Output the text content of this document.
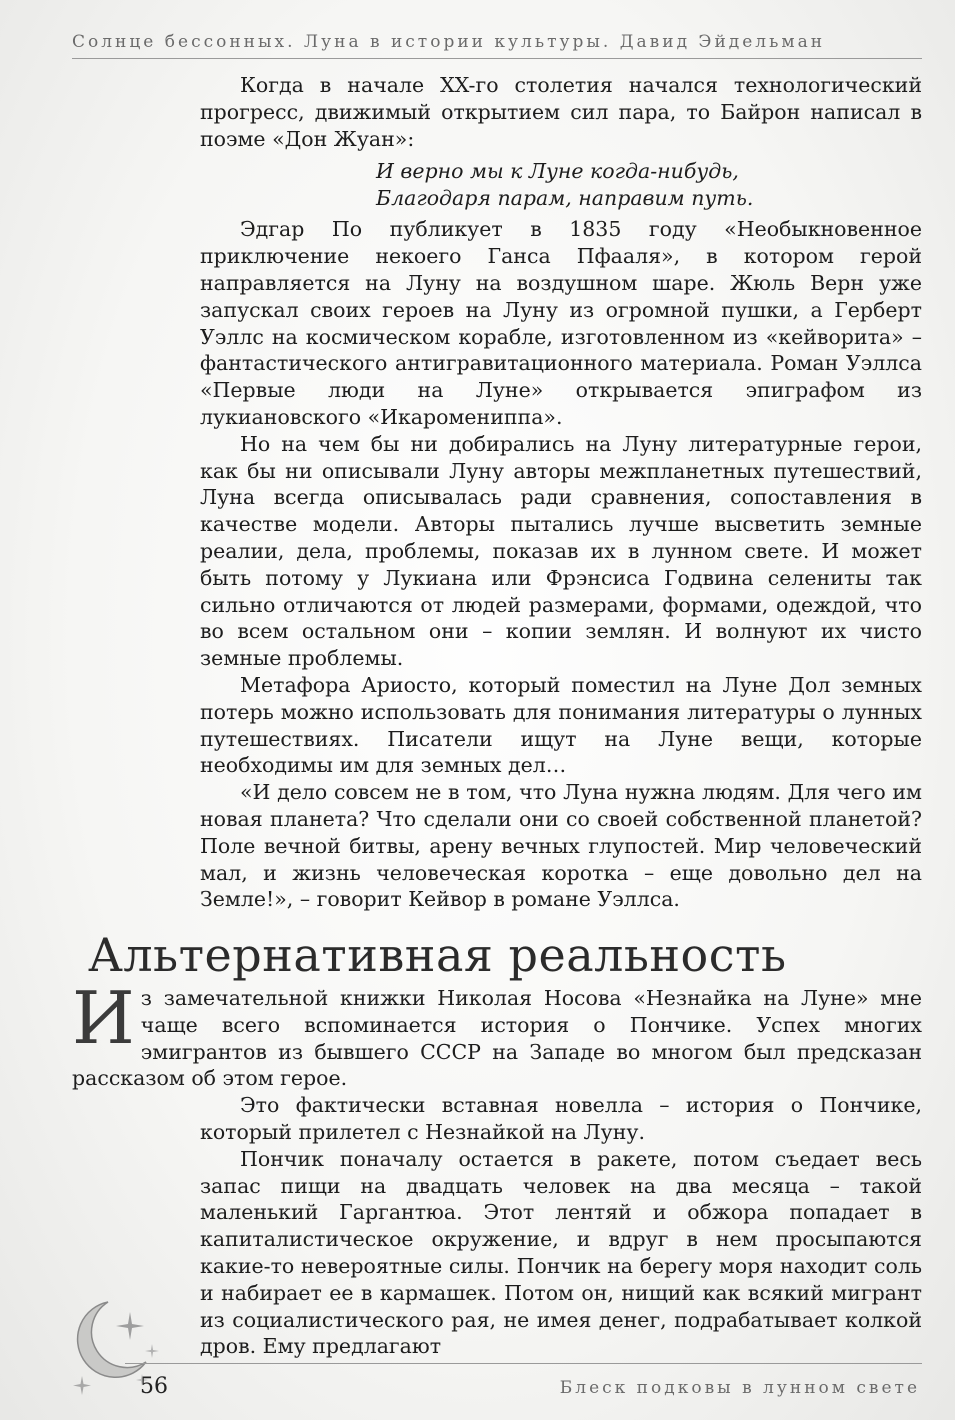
Солнце бессонных. Луна в истории культуры. Давид Эйдельман

Когда в начале XX-го столетия начался технологический прогресс, движимый открытием сил пара, то Байрон написал в поэме «Дон Жуан»:

И верно мы к Луне когда-нибудь,
Благодаря парам, направим путь.

Эдгар По публикует в 1835 году «Необыкновенное приключение некоего Ганса Пфааля», в котором герой направляется на Луну на воздушном шаре. Жюль Верн уже запускал своих героев на Луну из огромной пушки, а Герберт Уэллс на космическом корабле, изготовленном из «кейворита» – фантастического антигравитационного материала. Роман Уэллса «Первые люди на Луне» открывается эпиграфом из лукиановского «Икаромениппа».

Но на чем бы ни добирались на Луну литературные герои, как бы ни описывали Луну авторы межпланетных путешествий, Луна всегда описывалась ради сравнения, сопоставления в качестве модели. Авторы пытались лучше высветить земные реалии, дела, проблемы, показав их в лунном свете. И может быть потому у Лукиана или Фрэнсиса Годвина селениты так сильно отличаются от людей размерами, формами, одеждой, что во всем остальном они – копии землян. И волнуют их чисто земные проблемы.

Метафора Ариосто, который поместил на Луне Дол земных потерь можно использовать для понимания литературы о лунных путешествиях. Писатели ищут на Луне вещи, которые необходимы им для земных дел…

«И дело совсем не в том, что Луна нужна людям. Для чего им новая планета? Что сделали они со своей собственной планетой? Поле вечной битвы, арену вечных глупостей. Мир человеческий мал, и жизнь человеческая коротка – еще довольно дел на Земле!», – говорит Кейвор в романе Уэллса.

Альтернативная реальность

Из замечательной книжки Николая Носова «Незнайка на Луне» мне чаще всего вспоминается история о Пончике. Успех многих эмигрантов из бывшего СССР на Западе во многом был предсказан рассказом об этом герое.

Это фактически вставная новелла – история о Пончике, который прилетел с Незнайкой на Луну.

Пончик поначалу остается в ракете, потом съедает весь запас пищи на двадцать человек на два месяца – такой маленький Гаргантюа. Этот лентяй и обжора попадает в капиталистическое окружение, и вдруг в нем просыпаются какие-то невероятные силы. Пончик на берегу моря находит соль и набирает ее в кармашек. Потом он, нищий как всякий мигрант из социалистического рая, не имея денег, подрабатывает колкой дров. Ему предлагают

56	Блеск подковы в лунном свете
